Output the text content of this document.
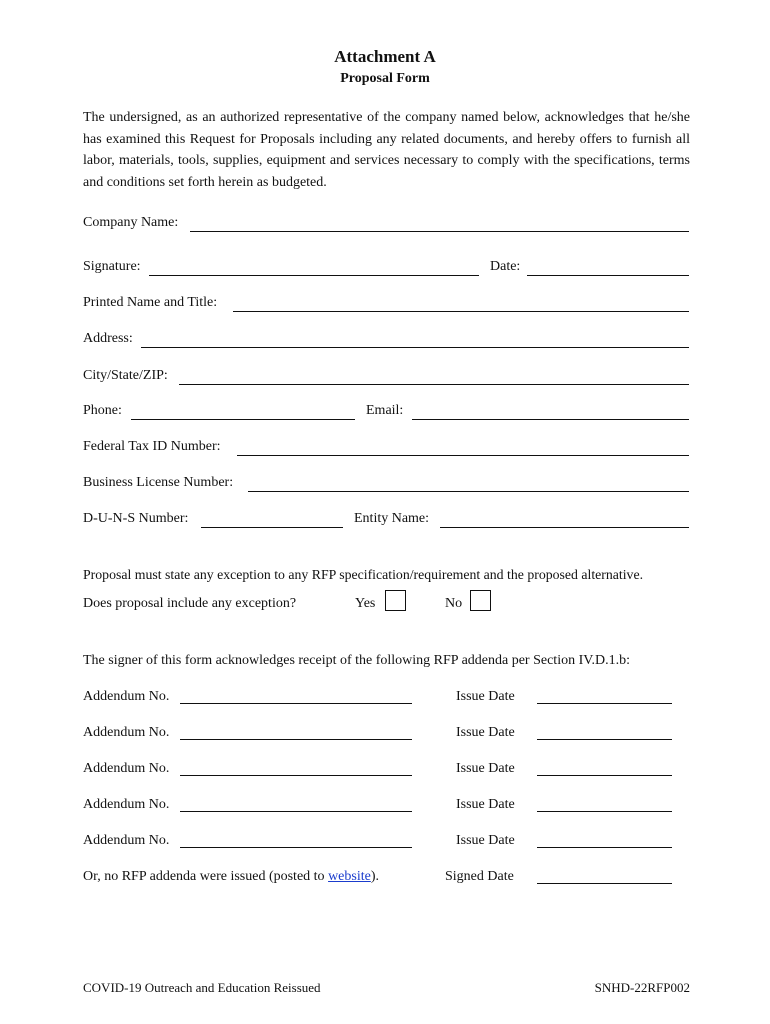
Attachment A
Proposal Form

The undersigned, as an authorized representative of the company named below, acknowledges that he/she has examined this Request for Proposals including any related documents, and hereby offers to furnish all labor, materials, tools, supplies, equipment and services necessary to comply with the specifications, terms and conditions set forth herein as budgeted.

Company Name:
Signature:	Date:
Printed Name and Title:
Address:
City/State/ZIP:
Phone:	Email:
Federal Tax ID Number:
Business License Number:
D-U-N-S Number:	Entity Name:
Proposal must state any exception to any RFP specification/requirement and the proposed alternative.
Does proposal include any exception?	Yes	No
The signer of this form acknowledges receipt of the following RFP addenda per Section IV.D.1.b:
Addendum No.	Issue Date
Addendum No.	Issue Date
Addendum No.	Issue Date
Addendum No.	Issue Date
Addendum No.	Issue Date
Or, no RFP addenda were issued (posted to website).	Signed Date
COVID-19 Outreach and Education Reissued	SNHD-22RFP002
